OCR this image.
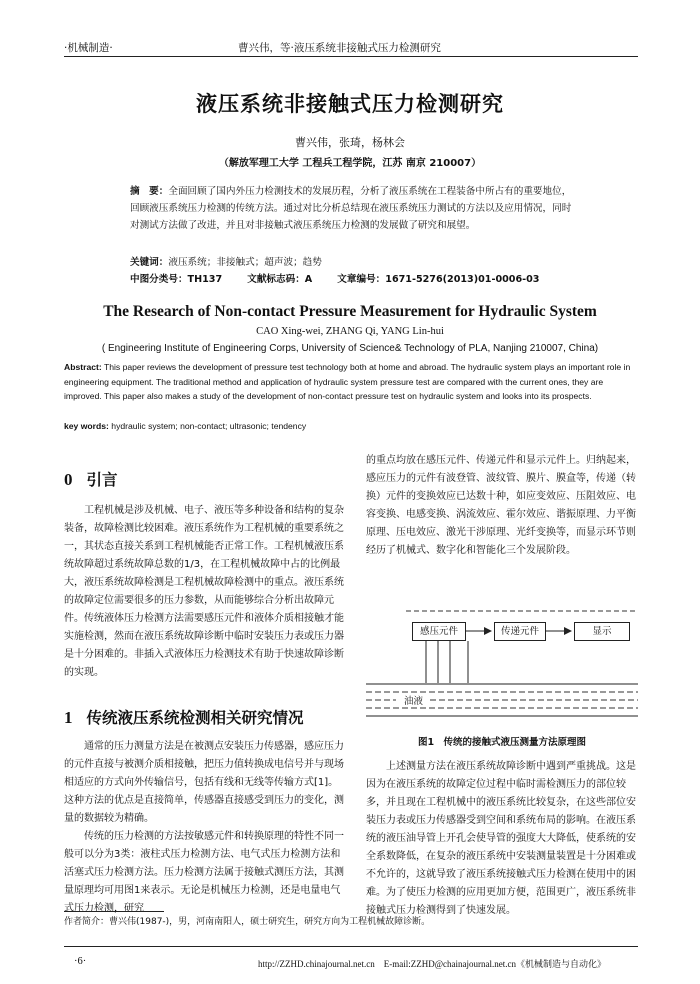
·机械制造·	曹兴伟，等·液压系统非接触式压力检测研究
液压系统非接触式压力检测研究
曹兴伟，张琦，杨林会
（解放军理工大学 工程兵工程学院，江苏 南京 210007）
摘　要：全面回顾了国内外压力检测技术的发展历程，分析了液压系统在工程装备中所占有的重要地位，回顾液压系统压力检测的传统方法。通过对比分析总结现在液压系统压力测试的方法以及应用情况，同时对测试方法做了改进，并且对非接触式液压系统压力检测的发展做了研究和展望。
关键词：液压系统；非接触式；超声波；趋势
中图分类号：TH137	文献标志码：A	文章编号：1671-5276(2013)01-0006-03
The Research of Non-contact Pressure Measurement for Hydraulic System
CAO Xing-wei, ZHANG Qi, YANG Lin-hui
( Engineering Institute of Engineering Corps, University of Science& Technology of PLA, Nanjing 210007, China)
Abstract: This paper reviews the development of pressure test technology both at home and abroad. The hydraulic system plays an important role in engineering equipment. The traditional method and application of hydraulic system pressure test are compared with the current ones, they are improved. This paper also makes a study of the development of non-contact pressure test on hydraulic system and looks into its prospects.
key words: hydraulic system; non-contact; ultrasonic; tendency
0 引言

工程机械是涉及机械、电子、液压等多种设备和结构的复杂装备，故障检测比较困难。液压系统作为工程机械的重要系统之一，其状态直接关系到工程机械能否正常工作。工程机械液压系统故障超过系统故障总数的1/3，在工程机械故障中占的比例最大，液压系统故障检测是工程机械故障检测中的重点。液压系统的故障定位需要很多的压力参数，从而能够综合分析出故障元件。传统液体压力检测方法需要感压元件和液体介质相接触才能实施检测，然而在液压系统故障诊断中临时安装压力表或压力器是十分困难的。非插入式液体压力检测技术有助于快速故障诊断的实现。

1 传统液压系统检测相关研究情况

通常的压力测量方法是在被测点安装压力传感器，感应压力的元件直接与被测介质相接触，把压力值转换成电信号并与现场相适应的方式向外传输信号，包括有线和无线等传输方式[1]。这种方法的优点是直接简单，传感器直接感受到压力的变化，测量的数据较为精确。

传统的压力检测的方法按敏感元件和转换原理的特性不同一般可以分为3类：液柱式压力检测方法、电气式压力检测方法和活塞式压力检测方法。压力检测方法属于接触式测压方法，其测量原理均可用图1来表示。无论是机械压力检测，还是电量电气式压力检测，研究

的重点均放在感压元件、传递元件和显示元件上。归纳起来，感应压力的元件有波登管、波纹管、膜片、膜盒等，传递（转换）元件的变换效应已达数十种，如应变效应、压阻效应、电容变换、电感变换、涡流效应、霍尔效应、谐振原理、力平衡原理、压电效应、激光干涉原理、光纤变换等，而显示环节则经历了机械式、数字化和智能化三个发展阶段。

感压元件	传递元件	显示
油液
图1　传统的接触式液压测量方法原理图

上述测量方法在液压系统故障诊断中遇到严重挑战。这是因为在液压系统的故障定位过程中临时需检测压力的部位较多，并且现在工程机械中的液压系统比较复杂，在这些部位安装压力表或压力传感器受到空间和系统布局的影响。在液压系统的液压油导管上开孔会使导管的强度大大降低，使系统的安全系数降低，在复杂的液压系统中安装测量装置是十分困难或不允许的，这就导致了液压系统接触式压力检测在使用中的困难。为了使压力检测的应用更加方便，范围更广，液压系统非接触式压力检测得到了快速发展。

作者简介：曹兴伟(1987-)，男，河南南阳人，硕士研究生，研究方向为工程机械故障诊断。
·6·	http://ZZHD.chinajournal.net.cn　E-mail:ZZHD@chainajournal.net.cn《机械制造与自动化》
